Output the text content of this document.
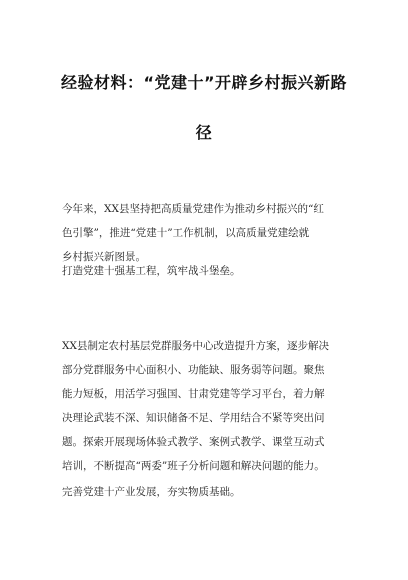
经验材料：“党建十”开辟乡村振兴新路
径
今年来，XX县坚持把高质量党建作为推动乡村振兴的“红
色引擎”，推进“党建十”工作机制，以高质量党建绘就
乡村振兴新图景。
打造党建十强基工程，筑牢战斗堡垒。
XX县制定农村基层党群服务中心改造提升方案，逐步解决
部分党群服务中心面积小、功能缺、服务弱等问题。聚焦
能力短板，用活学习强国、甘肃党建等学习平台，着力解
决理论武装不深、知识储备不足、学用结合不紧等突出问
题。探索开展现场体验式教学、案例式教学、课堂互动式
培训，不断提高“两委”班子分析问题和解决问题的能力。
完善党建十产业发展，夯实物质基础。
